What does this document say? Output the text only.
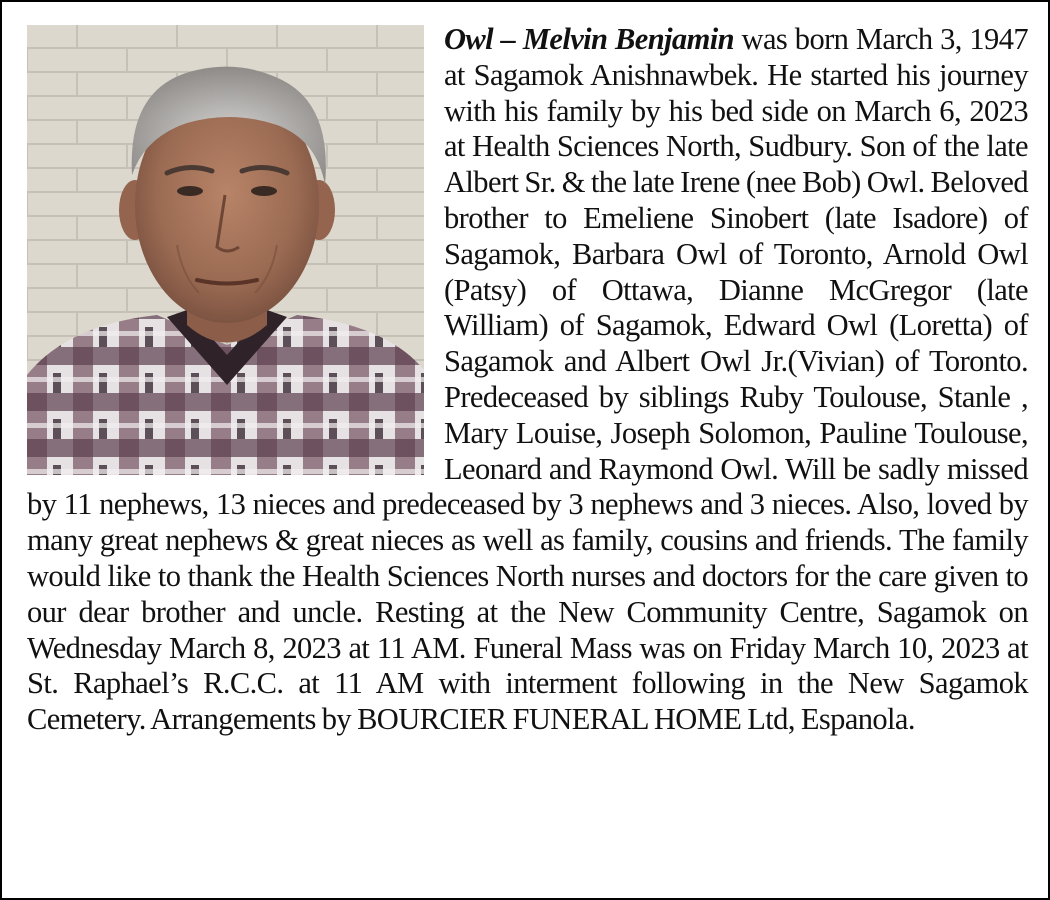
Owl – Melvin Benjamin was born March 3, 1947 at Sagamok Anishnawbek. He started his journey with his family by his bed side on March 6, 2023 at Health Sciences North, Sudbury. Son of the late Albert Sr. & the late Irene (nee Bob) Owl. Beloved brother to Emeliene Sinobert (late Isadore) of Sagamok, Barbara Owl of Toronto, Arnold Owl (Patsy) of Ottawa, Dianne McGregor (late William) of Sagamok, Edward Owl (Loretta) of Sagamok and Albert Owl Jr.(Vivian) of Toronto. Predeceased by siblings Ruby Toulouse, Stanle , Mary Louise, Joseph Solomon, Pauline Toulouse, Leonard and Raymond Owl. Will be sadly missed by 11 nephews, 13 nieces and predeceased by 3 nephews and 3 nieces. Also, loved by many great nephews & great nieces as well as family, cousins and friends. The family would like to thank the Health Sciences North nurses and doctors for the care given to our dear brother and uncle. Resting at the New Community Centre, Sagamok on Wednesday March 8, 2023 at 11 AM. Funeral Mass was on Friday March 10, 2023 at St. Raphael’s R.C.C. at 11 AM with interment following in the New Sagamok Cemetery. Arrangements by BOURCIER FUNERAL HOME Ltd, Espanola.
